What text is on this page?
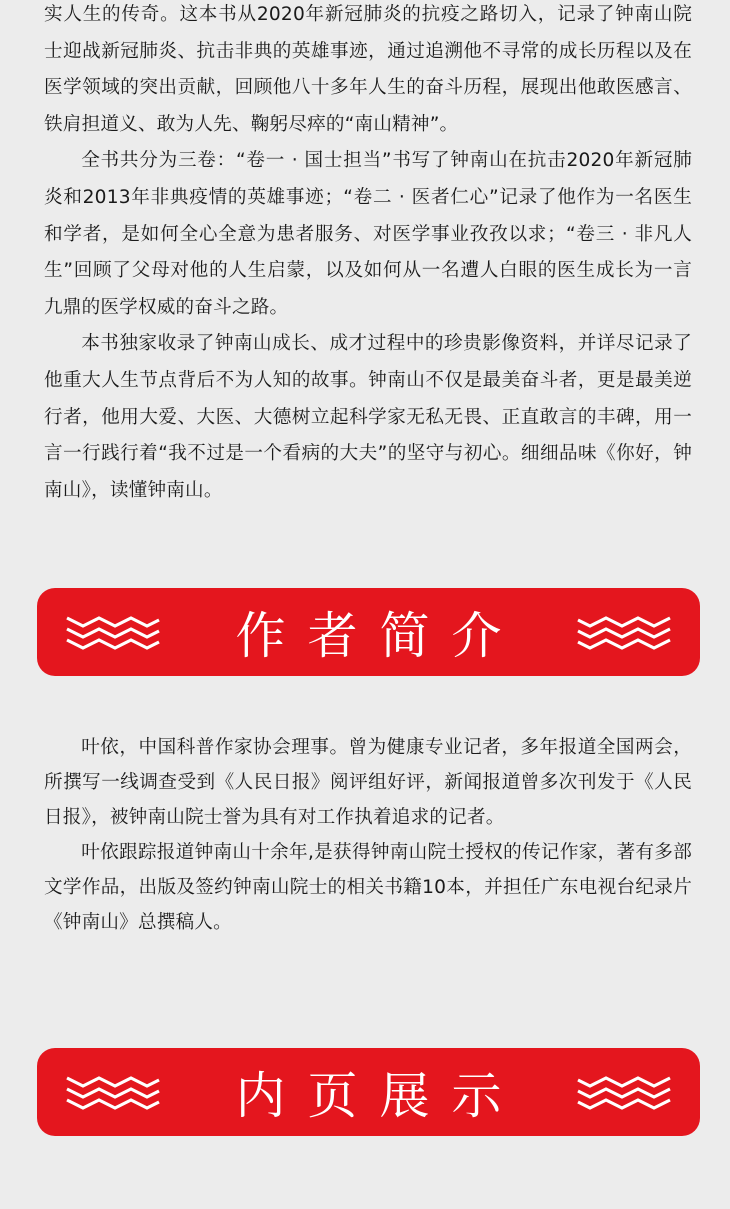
实人生的传奇。这本书从2020年新冠肺炎的抗疫之路切入，记录了钟南山院士迎战新冠肺炎、抗击非典的英雄事迹，通过追溯他不寻常的成长历程以及在医学领域的突出贡献，回顾他八十多年人生的奋斗历程，展现出他敢医感言、铁肩担道义、敢为人先、鞠躬尽瘁的“南山精神”。

全书共分为三卷：“卷一 · 国士担当”书写了钟南山在抗击2020年新冠肺炎和2013年非典疫情的英雄事迹；“卷二 · 医者仁心”记录了他作为一名医生和学者，是如何全心全意为患者服务、对医学事业孜孜以求；“卷三 · 非凡人生”回顾了父母对他的人生启蒙，以及如何从一名遭人白眼的医生成长为一言九鼎的医学权威的奋斗之路。

本书独家收录了钟南山成长、成才过程中的珍贵影像资料，并详尽记录了他重大人生节点背后不为人知的故事。钟南山不仅是最美奋斗者，更是最美逆行者，他用大爱、大医、大德树立起科学家无私无畏、正直敢言的丰碑，用一言一行践行着“我不过是一个看病的大夫”的坚守与初心。细细品味《你好，钟南山》，读懂钟南山。

作者简介

叶依，中国科普作家协会理事。曾为健康专业记者，多年报道全国两会，所撰写一线调查受到《人民日报》阅评组好评，新闻报道曾多次刊发于《人民日报》，被钟南山院士誉为具有对工作执着追求的记者。

叶依跟踪报道钟南山十余年,是获得钟南山院士授权的传记作家，著有多部文学作品，出版及签约钟南山院士的相关书籍10本，并担任广东电视台纪录片《钟南山》总撰稿人。

内页展示
